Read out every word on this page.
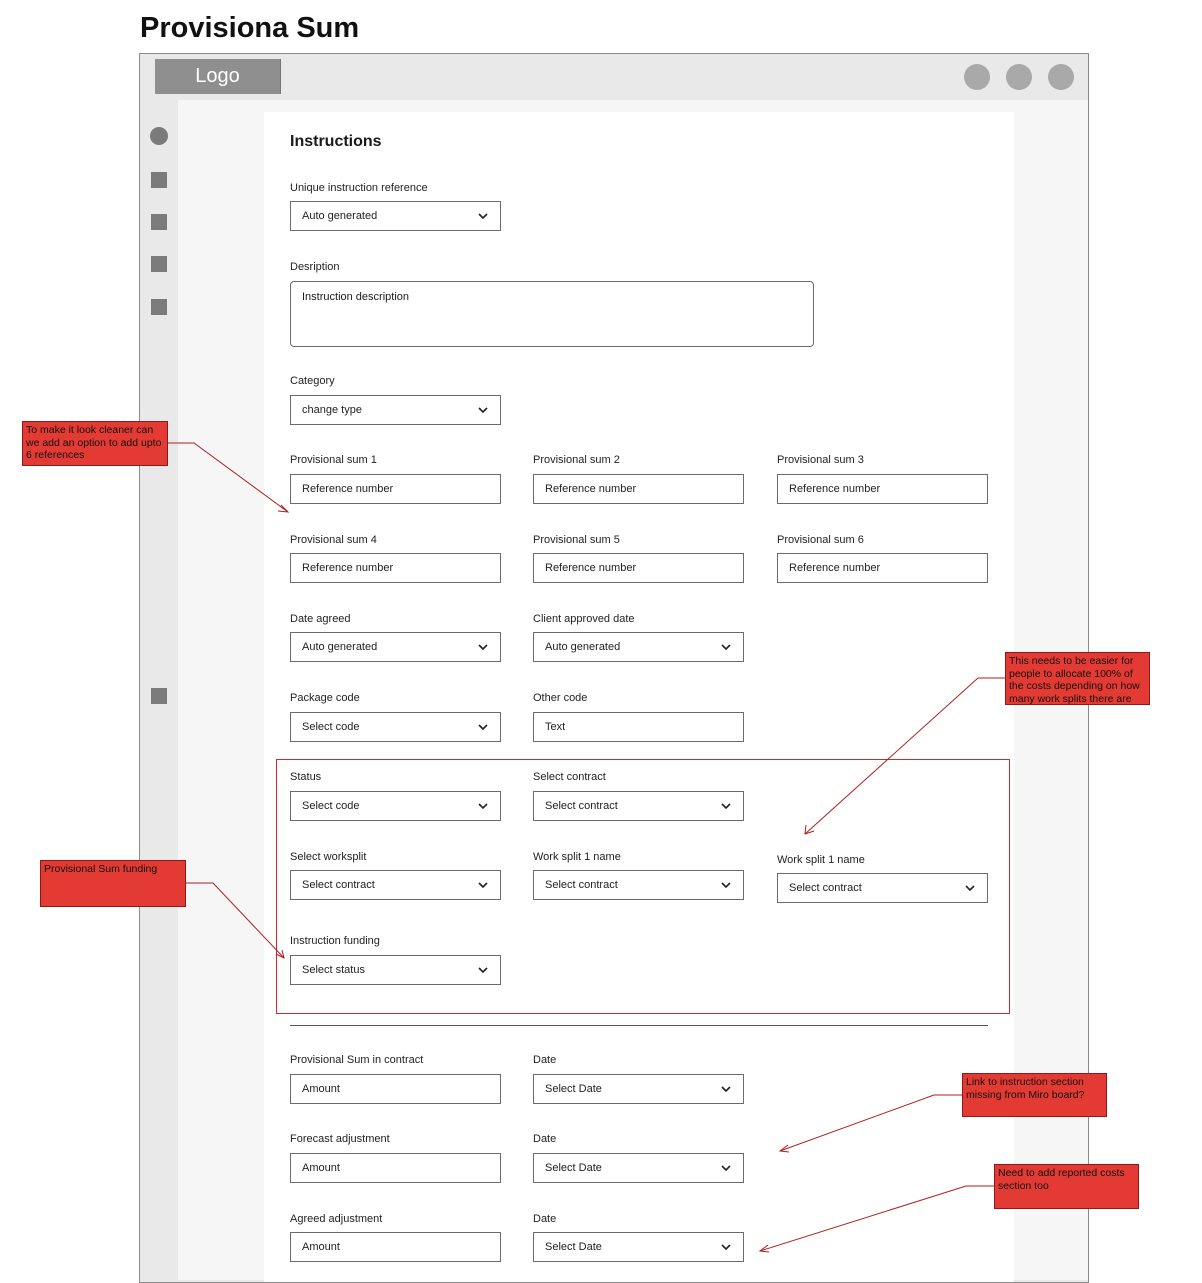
Provisiona Sum
Logo
Instructions
Unique instruction reference
Auto generated
Desription
Instruction description
Category
change type
Provisional sum 1
Reference number
Provisional sum 2
Reference number
Provisional sum 3
Reference number
Provisional sum 4
Reference number
Provisional sum 5
Reference number
Provisional sum 6
Reference number
Date agreed
Auto generated
Client approved date
Auto generated
Package code
Select code
Other code
Text
Status
Select code
Select contract
Select contract
Select worksplit
Select contract
Work split 1 name
Select contract
Work split 1 name
Select contract
Instruction funding
Select status
Provisional Sum in contract
Amount
Date
Select Date
Forecast adjustment
Amount
Date
Select Date
Agreed adjustment
Amount
Date
Select Date
To make it look cleaner can we add an option to add upto 6 references
This needs to be easier for people to allocate 100% of the costs depending on how many work splits there are
Provisional Sum funding
Link to instruction section missing from Miro board?
Need to add reported costs section too
